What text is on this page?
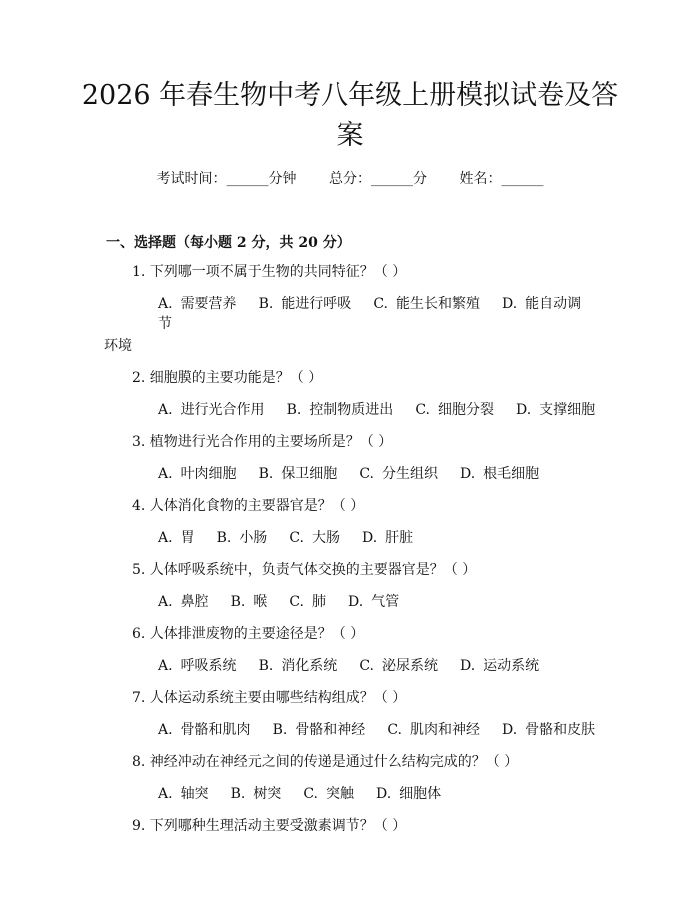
2026 年春生物中考八年级上册模拟试卷及答案
考试时间：______分钟 总分：______分 姓名：______
一、选择题（每小题 2 分，共 20 分）
1. 下列哪一项不属于生物的共同特征？（ ）
A. 需要营养 B. 能进行呼吸 C. 能生长和繁殖 D. 能自动调节
环境
2. 细胞膜的主要功能是？（ ）
A. 进行光合作用 B. 控制物质进出 C. 细胞分裂 D. 支撑细胞
3. 植物进行光合作用的主要场所是？（ ）
A. 叶肉细胞 B. 保卫细胞 C. 分生组织 D. 根毛细胞
4. 人体消化食物的主要器官是？（ ）
A. 胃 B. 小肠 C. 大肠 D. 肝脏
5. 人体呼吸系统中，负责气体交换的主要器官是？（ ）
A. 鼻腔 B. 喉 C. 肺 D. 气管
6. 人体排泄废物的主要途径是？（ ）
A. 呼吸系统 B. 消化系统 C. 泌尿系统 D. 运动系统
7. 人体运动系统主要由哪些结构组成？（ ）
A. 骨骼和肌肉 B. 骨骼和神经 C. 肌肉和神经 D. 骨骼和皮肤
8. 神经冲动在神经元之间的传递是通过什么结构完成的？（ ）
A. 轴突 B. 树突 C. 突触 D. 细胞体
9. 下列哪种生理活动主要受激素调节？（ ）
